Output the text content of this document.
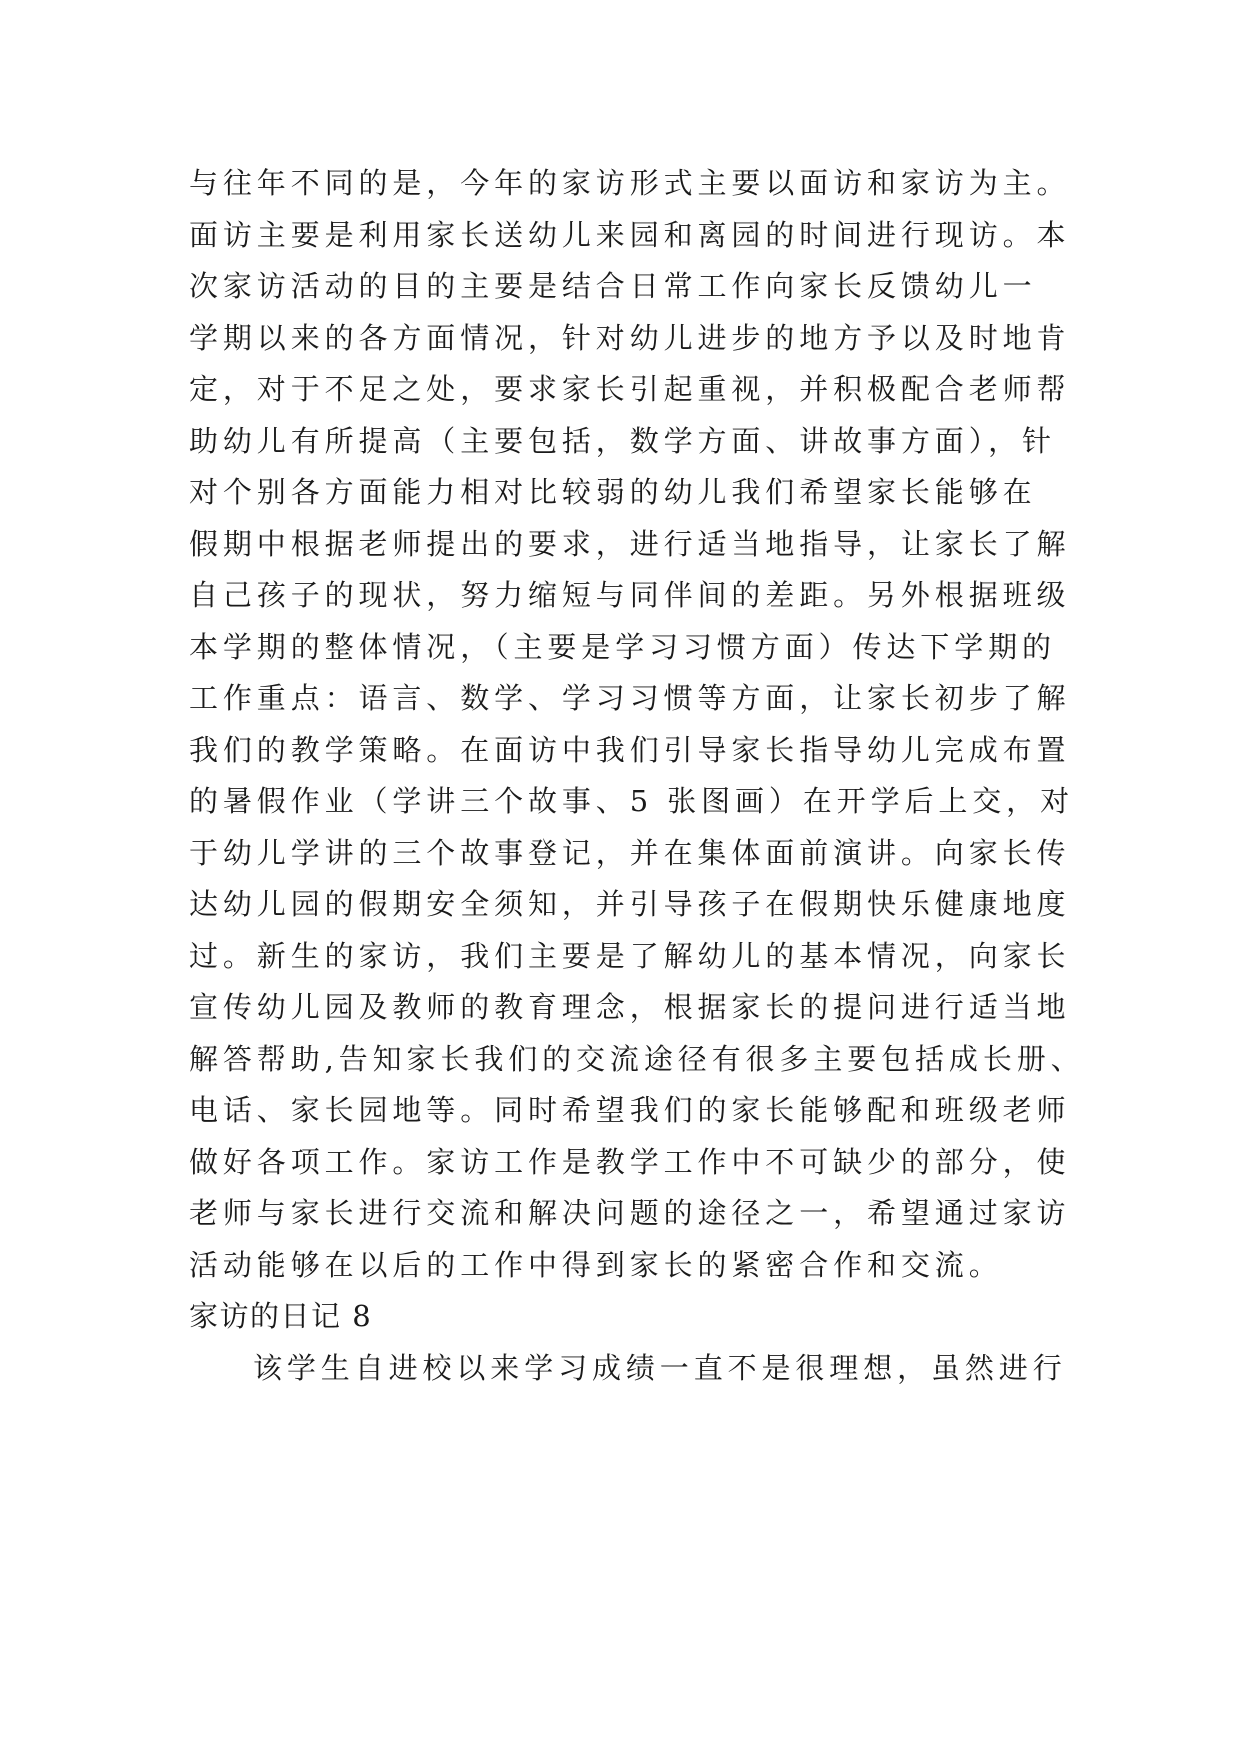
与往年不同的是，今年的家访形式主要以面访和家访为主。
面访主要是利用家长送幼儿来园和离园的时间进行现访。本
次家访活动的目的主要是结合日常工作向家长反馈幼儿一
学期以来的各方面情况，针对幼儿进步的地方予以及时地肯
定，对于不足之处，要求家长引起重视，并积极配合老师帮
助幼儿有所提高（主要包括，数学方面、讲故事方面），针
对个别各方面能力相对比较弱的幼儿我们希望家长能够在
假期中根据老师提出的要求，进行适当地指导，让家长了解
自己孩子的现状，努力缩短与同伴间的差距。另外根据班级
本学期的整体情况，（主要是学习习惯方面）传达下学期的
工作重点：语言、数学、学习习惯等方面，让家长初步了解
我们的教学策略。在面访中我们引导家长指导幼儿完成布置
的暑假作业（学讲三个故事、5 张图画）在开学后上交，对
于幼儿学讲的三个故事登记，并在集体面前演讲。向家长传
达幼儿园的假期安全须知，并引导孩子在假期快乐健康地度
过。新生的家访，我们主要是了解幼儿的基本情况，向家长
宣传幼儿园及教师的教育理念，根据家长的提问进行适当地
解答帮助,告知家长我们的交流途径有很多主要包括成长册、
电话、家长园地等。同时希望我们的家长能够配和班级老师
做好各项工作。家访工作是教学工作中不可缺少的部分，使
老师与家长进行交流和解决问题的途径之一，希望通过家访
活动能够在以后的工作中得到家长的紧密合作和交流。
家访的日记 8
该学生自进校以来学习成绩一直不是很理想，虽然进行
